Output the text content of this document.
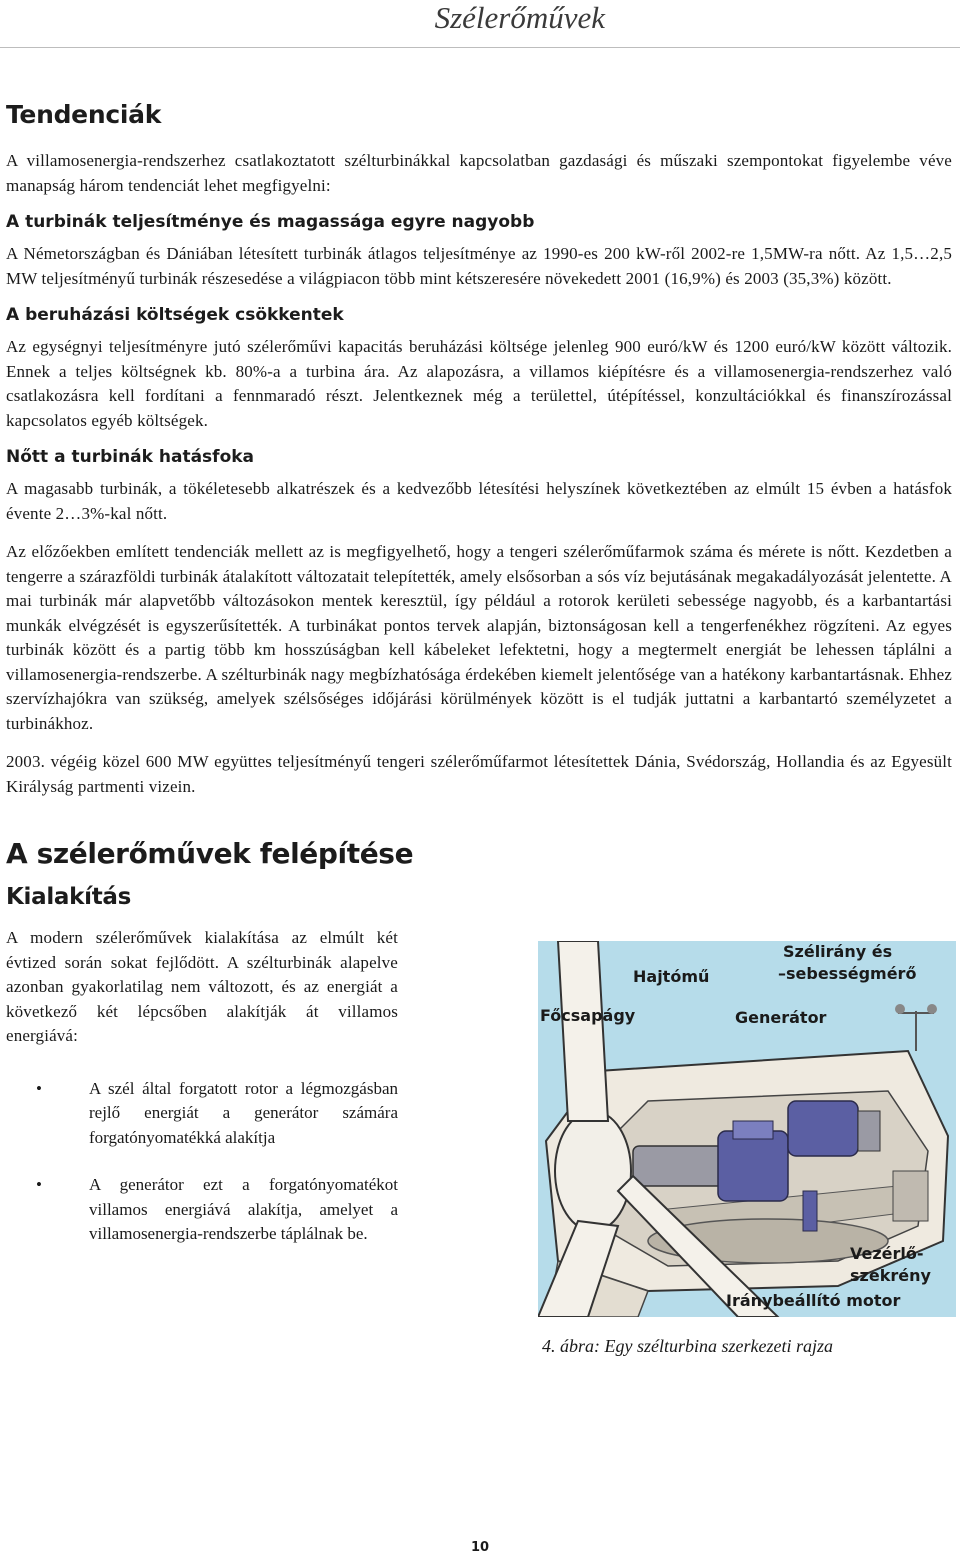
Szélerőművek
Tendenciák

A villamosenergia-rendszerhez csatlakoztatott szélturbinákkal kapcsolatban gazdasági és műszaki szempontokat figyelembe véve manapság három tendenciát lehet megfigyelni:

A turbinák teljesítménye és magassága egyre nagyobb

A Németországban és Dániában létesített turbinák átlagos teljesítménye az 1990-es 200 kW-ről 2002-re 1,5MW-ra nőtt. Az 1,5…2,5 MW teljesítményű turbinák részesedése a világpiacon több mint kétszeresére növekedett 2001 (16,9%) és 2003 (35,3%) között.

A beruházási költségek csökkentek

Az egységnyi teljesítményre jutó szélerőművi kapacitás beruházási költsége jelenleg 900 euró/kW és 1200 euró/kW között változik. Ennek a teljes költségnek kb. 80%-a a turbina ára. Az alapozásra, a villamos kiépítésre és a villamosenergia-rendszerhez való csatlakozásra kell fordítani a fennmaradó részt. Jelentkeznek még a területtel, útépítéssel, konzultációkkal és finanszírozással kapcsolatos egyéb költségek.

Nőtt a turbinák hatásfoka

A magasabb turbinák, a tökéletesebb alkatrészek és a kedvezőbb létesítési helyszínek következtében az elmúlt 15 évben a hatásfok évente 2…3%-kal nőtt.

Az előzőekben említett tendenciák mellett az is megfigyelhető, hogy a tengeri szélerőműfarmok száma és mérete is nőtt. Kezdetben a tengerre a szárazföldi turbinák átalakított változatait telepítették, amely elsősorban a sós víz bejutásának megakadályozását jelentette. A mai turbinák már alapvetőbb változásokon mentek keresztül, így például a rotorok kerületi sebessége nagyobb, és a karbantartási munkák elvégzését is egyszerűsítették. A turbinákat pontos tervek alapján, biztonságosan kell a tengerfenékhez rögzíteni. Az egyes turbinák között és a partig több km hosszúságban kell kábeleket lefektetni, hogy a megtermelt energiát be lehessen táplálni a villamosenergia-rendszerbe. A szélturbinák nagy megbízhatósága érdekében kiemelt jelentősége van a hatékony karbantartásnak. Ehhez szervízhajókra van szükség, amelyek szélsőséges időjárási körülmények között is el tudják juttatni a karbantartó személyzetet a turbinákhoz.

2003. végéig közel 600 MW együttes teljesítményű tengeri szélerőműfarmot létesítettek Dánia, Svédország, Hollandia és az Egyesült Királyság partmenti vizein.

A szélerőművek felépítése
Kialakítás

A modern szélerőművek kialakítása az elmúlt két évtized során sokat fejlődött. A szélturbinák alapelve azonban gyakorlatilag nem változott, és az energiát a következő két lépcsőben alakítják át villamos energiává:

•	A szél által forgatott rotor a légmozgásban rejlő energiát a generátor számára forgatónyomatékká alakítja
•	A generátor ezt a forgatónyomatékot villamos energiává alakítja, amelyet a villamosenergia-rendszerbe táplálnak be.
Főcsapágy
Hajtómű
Szélirány és
–sebességmérő
Generátor
Vezérlő-
szekrény
Iránybeállító motor
4. ábra: Egy szélturbina szerkezeti rajza
10
